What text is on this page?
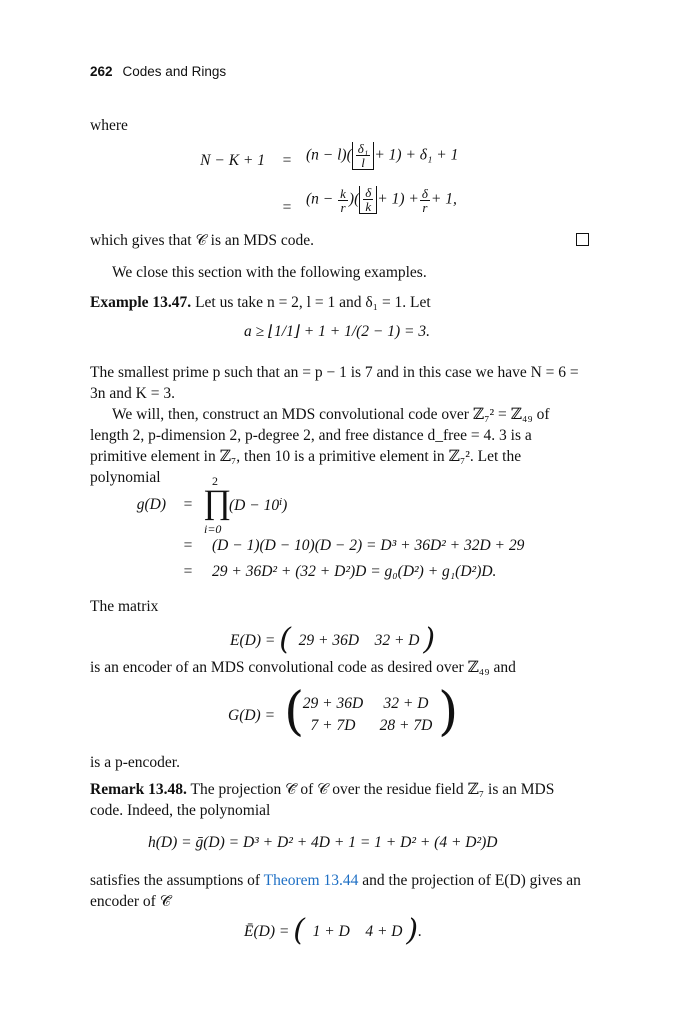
262 Codes and Rings
where
$N - K + 1 = (n - l)( \frac{\text{δ₁}}{l} + 1) + \delta_1 + 1$
= ($n - \frac{k}{r}$ )( $\frac{\delta}{k} + 1) + \frac{\delta}{r} + 1$,
which gives that 𝒞 is an MDS code.
We close this section with the following examples.
Example 13.47. Let us take n = 2, l = 1 and δ₁ = 1. Let
a ≥ ⌊1/1⌋ + 1 + 1/(2 − 1) = 3.
The smallest prime p such that an = p − 1 is 7 and in this case we have N = 6 = 3n and K = 3.
We will, then, construct an MDS convolutional code over ℤ₇² = ℤ₄₉ of length 2, p-dimension 2, p-degree 2, and free distance d_free = 4. 3 is a primitive element in ℤ₇, then 10 is a primitive element in ℤ₇². Let the polynomial
g(D) =
2
∏
i=0
(D − 10ⁱ)
= (D − 1)(D − 10)(D − 2) = D³ + 36D² + 32D + 29
= 29 + 36D² + (32 + D²)D = g₀(D²) + g₁(D²)D.
The matrix
E(D) = ( 29 + 36D 32 + D )
is an encoder of an MDS convolutional code as desired over ℤ₄₉ and
G(D) = (
29 + 36D 32 + D
7 + 7D	28 + 7D )
is a p-encoder.
Remark 13.48. The projection 𝒞̄ of 𝒞 over the residue field ℤ₇ is an MDS code. Indeed, the polynomial
h(D) = ḡ(D) = D³ + D² + 4D + 1 = 1 + D² + (4 + D²)D
satisfies the assumptions of Theorem 13.44 and the projection of E(D) gives an encoder of 𝒞̄
Ē(D) = ( 1 + D 4 + D ).
